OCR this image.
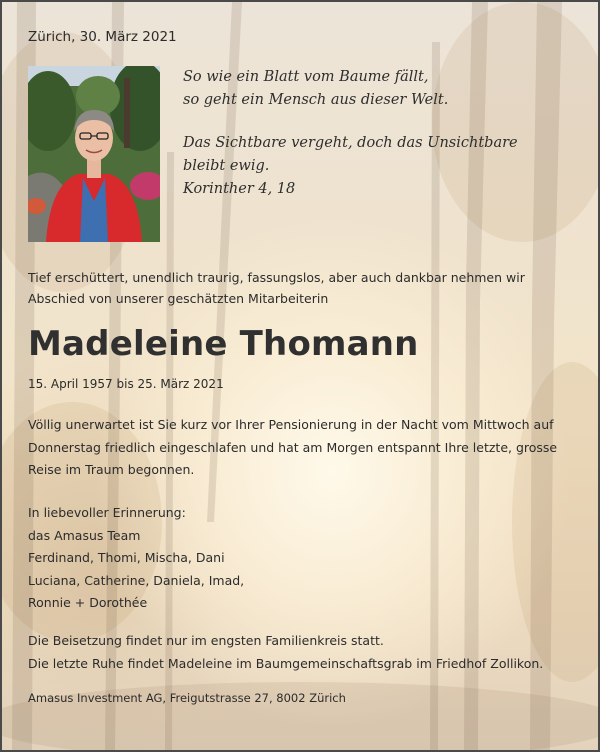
Zürich, 30. März 2021

So wie ein Blatt vom Baume fällt,

so geht ein Mensch aus dieser Welt.

Das Sichtbare vergeht, doch das Unsichtbare bleibt ewig.

Korinther 4, 18

Tief erschüttert, unendlich traurig, fassungslos, aber auch dankbar nehmen wir Abschied von unserer geschätzten Mitarbeiterin
Madeleine Thomann
15. April 1957 bis 25. März 2021
Völlig unerwartet ist Sie kurz vor Ihrer Pensionierung in der Nacht vom Mittwoch auf Donnerstag friedlich eingeschlafen und hat am Morgen entspannt Ihre letzte, grosse Reise im Traum begonnen.
In liebevoller Erinnerung:
das Amasus Team
Ferdinand, Thomi, Mischa, Dani
Luciana, Catherine, Daniela, Imad,
Ronnie + Dorothée
Die Beisetzung findet nur im engsten Familienkreis statt.
Die letzte Ruhe findet Madeleine im Baumgemeinschaftsgrab im Friedhof Zollikon.
Amasus Investment AG, Freigutstrasse 27, 8002 Zürich
